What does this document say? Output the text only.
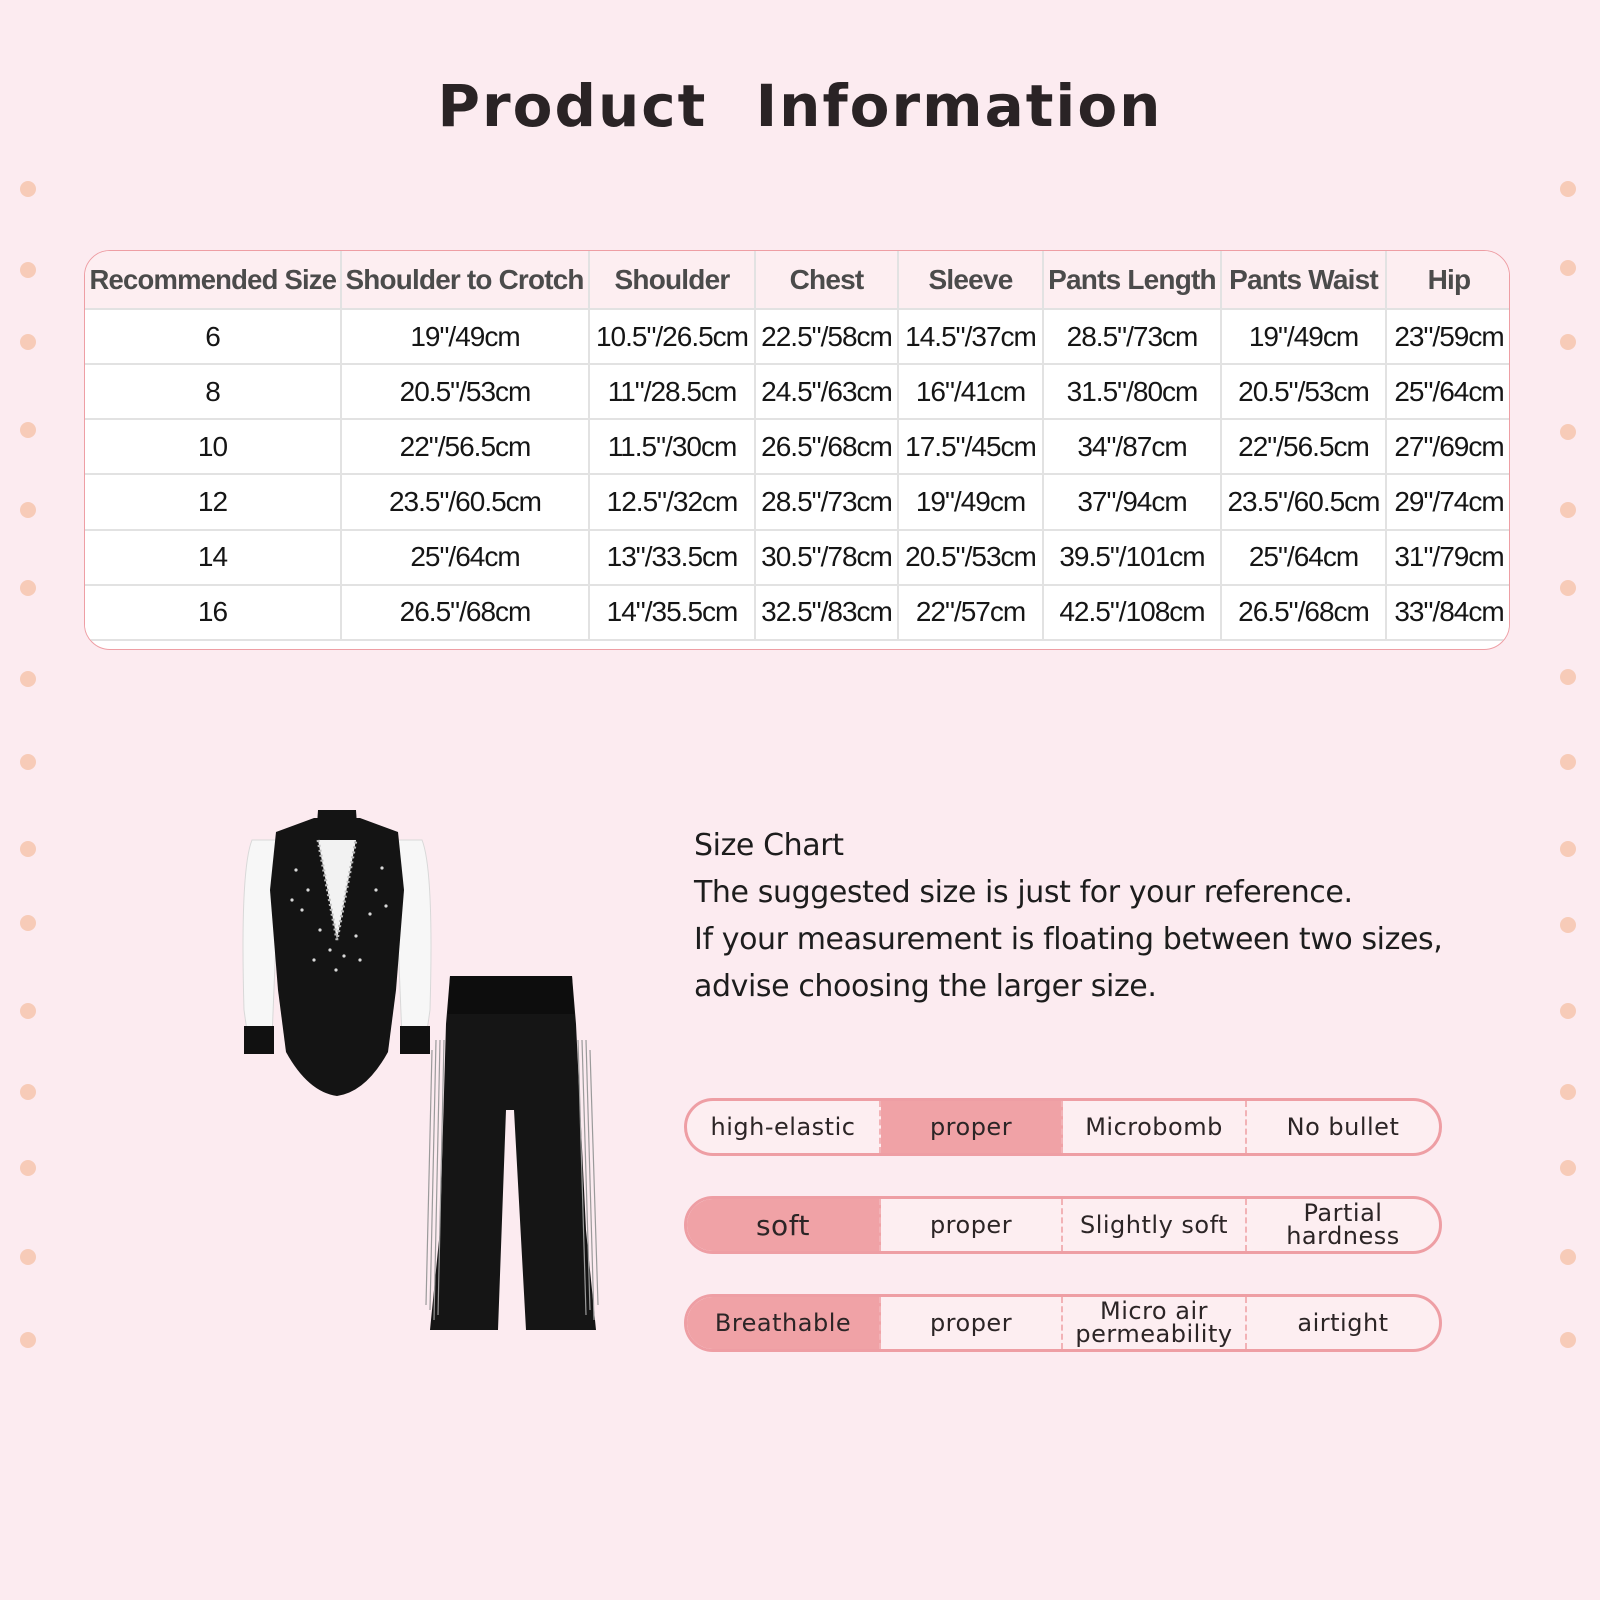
Product Information
Recommended Size	Shoulder to Crotch	Shoulder	Chest	Sleeve	Pants Length	Pants Waist	Hip
6	19"/49cm	10.5"/26.5cm	22.5"/58cm	14.5"/37cm	28.5"/73cm	19"/49cm	23"/59cm
8	20.5"/53cm	11"/28.5cm	24.5"/63cm	16"/41cm	31.5"/80cm	20.5"/53cm	25"/64cm
10	22"/56.5cm	11.5"/30cm	26.5"/68cm	17.5"/45cm	34"/87cm	22"/56.5cm	27"/69cm
12	23.5"/60.5cm	12.5"/32cm	28.5"/73cm	19"/49cm	37"/94cm	23.5"/60.5cm	29"/74cm
14	25"/64cm	13"/33.5cm	30.5"/78cm	20.5"/53cm	39.5"/101cm	25"/64cm	31"/79cm
16	26.5"/68cm	14"/35.5cm	32.5"/83cm	22"/57cm	42.5"/108cm	26.5"/68cm	33"/84cm
Size Chart
The suggested size is just for your reference.
If your measurement is floating between two sizes,
advise choosing the larger size.
high-elastic	proper	Microbomb	No bullet
soft	proper	Slightly soft	Partial hardness
Breathable	proper	Micro air permeability	airtight
